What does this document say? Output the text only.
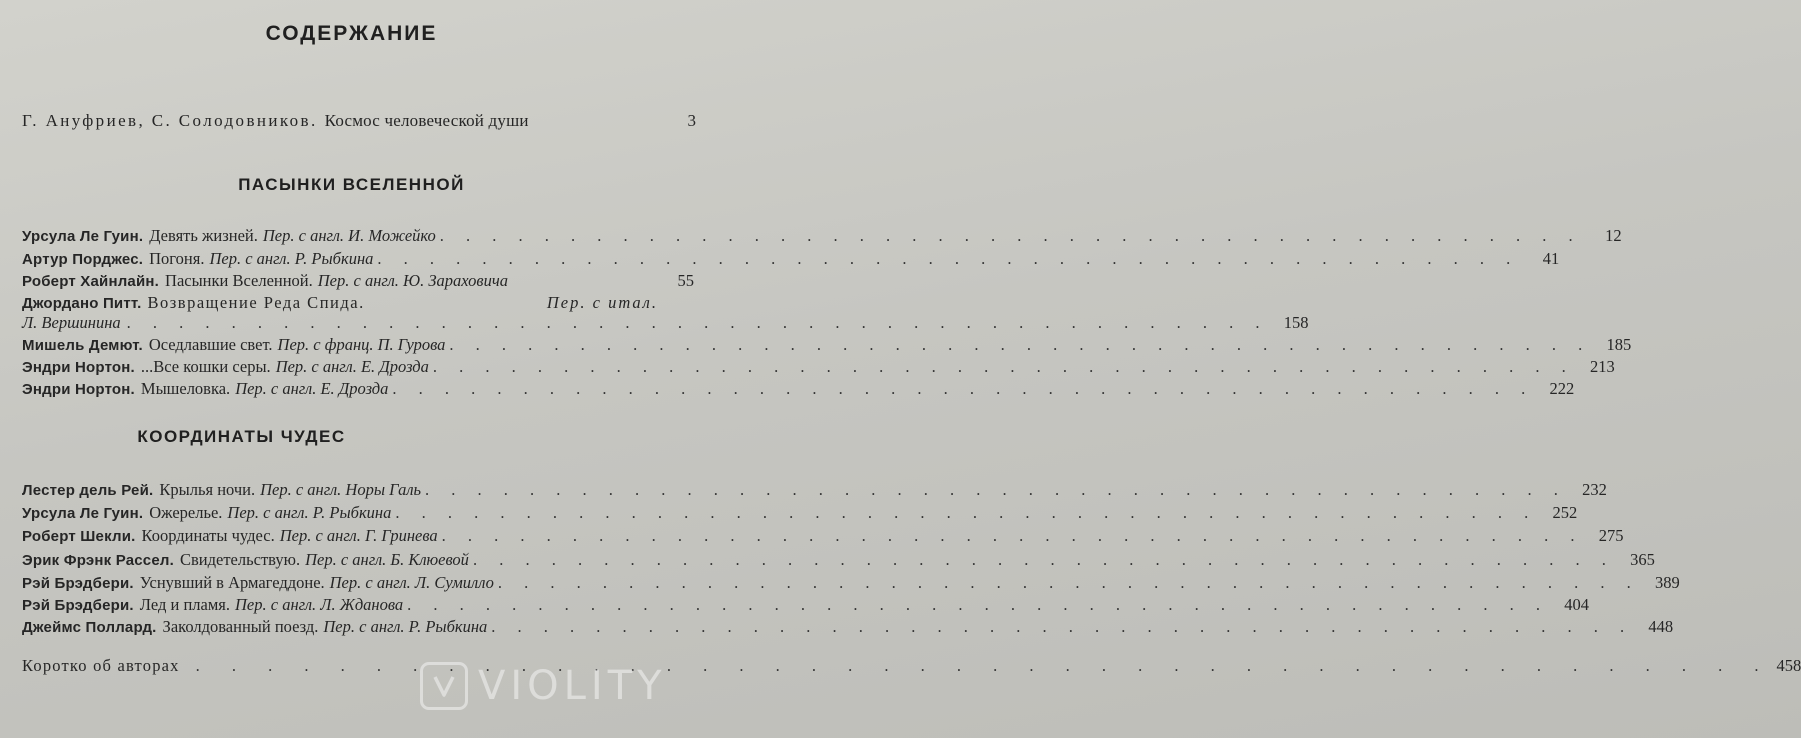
СОДЕРЖАНИЕ
Г. Ануфриев, С. Солодовников. Космос человеческой души	3
ПАСЫНКИ ВСЕЛЕННОЙ
Урсула Ле Гуин. Девять жизней. Пер. с англ. И. Можейко . . . . . . . . . . . . . . . . . . . . . . . . . . . . . . . . . . . . . . . . . . . .	12
Артур Порджес. Погоня. Пер. с англ. Р. Рыбкина . . . . . . . . . . . . . . . . . . . . . . . . . . . . . . . . . . . . . . . . . . . .	41
Роберт Хайнлайн. Пасынки Вселенной. Пер. с англ. Ю. Зараховича	55
Джордано Питт. Возвращение Реда Спида.	Пер. с итал.
Л. Вершинина . . . . . . . . . . . . . . . . . . . . . . . . . . . . . . . . . . . . . . . . . . . . 158
Мишель Демют. Оседлавшие свет. Пер. с франц. П. Гурова . . . . . . . . . . . . . . . . . . . . . . . . . . . . . . . . . . . . . . . . . . . . 185
Эндри Нортон. ...Все кошки серы. Пер. с англ. Е. Дрозда . . . . . . . . . . . . . . . . . . . . . . . . . . . . . . . . . . . . . . . . . . . . 213
Эндри Нортон. Мышеловка. Пер. с англ. Е. Дрозда . . . . . . . . . . . . . . . . . . . . . . . . . . . . . . . . . . . . . . . . . . . . 222
КООРДИНАТЫ ЧУДЕС
Лестер дель Рей. Крылья ночи. Пер. с англ. Норы Галь . . . . . . . . . . . . . . . . . . . . . . . . . . . . . . . . . . . . . . . . . . . . 232
Урсула Ле Гуин. Ожерелье. Пер. с англ. Р. Рыбкина . . . . . . . . . . . . . . . . . . . . . . . . . . . . . . . . . . . . . . . . . . . . 252
Роберт Шекли. Координаты чудес. Пер. с англ. Г. Гринева . . . . . . . . . . . . . . . . . . . . . . . . . . . . . . . . . . . . . . . . . . . . 275
Эрик Фрэнк Рассел. Свидетельствую. Пер. с англ. Б. Клюевой . . . . . . . . . . . . . . . . . . . . . . . . . . . . . . . . . . . . . . . . . . . . 365
Рэй Брэдбери. Уснувший в Армагеддоне. Пер. с англ. Л. Сумилло . . . . . . . . . . . . . . . . . . . . . . . . . . . . . . . . . . . . . . . . . . . . 389
Рэй Брэдбери. Лед и пламя. Пер. с англ. Л. Жданова . . . . . . . . . . . . . . . . . . . . . . . . . . . . . . . . . . . . . . . . . . . . 404
Джеймс Поллард. Заколдованный поезд. Пер. с англ. Р. Рыбкина . . . . . . . . . . . . . . . . . . . . . . . . . . . . . . . . . . . . . . . . . . . . 448
Коротко об авторах . . . . . . . . . . . . . . . . . . . . . . . . . . . . . . . . . . . . . . . . . . . . 458
VIOLITY
